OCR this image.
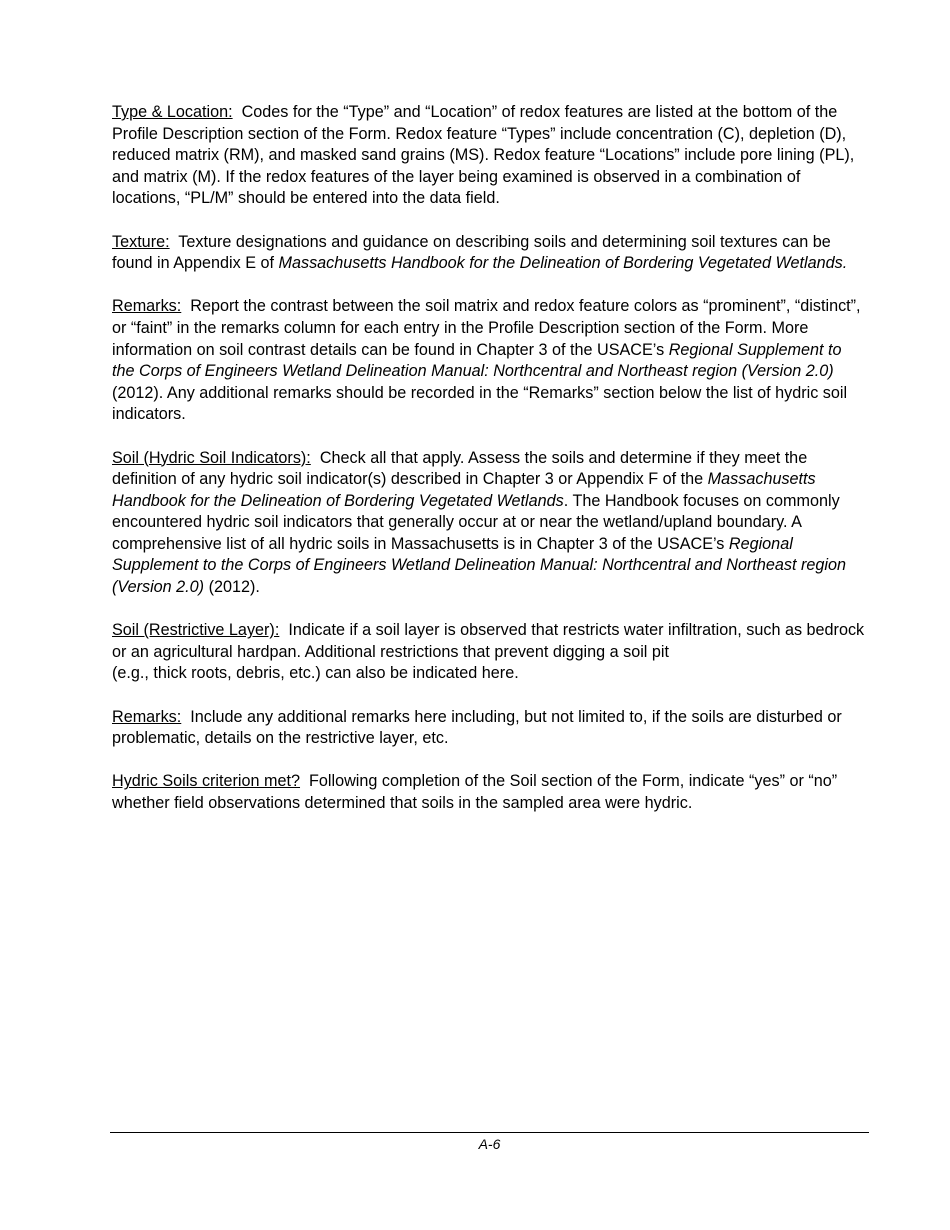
Type & Location: Codes for the “Type” and “Location” of redox features are listed at the bottom of the Profile Description section of the Form. Redox feature “Types” include concentration (C), depletion (D), reduced matrix (RM), and masked sand grains (MS). Redox feature “Locations” include pore lining (PL), and matrix (M). If the redox features of the layer being examined is observed in a combination of locations, “PL/M” should be entered into the data field.

Texture: Texture designations and guidance on describing soils and determining soil textures can be found in Appendix E of Massachusetts Handbook for the Delineation of Bordering Vegetated Wetlands.

Remarks: Report the contrast between the soil matrix and redox feature colors as “prominent”, “distinct”, or “faint” in the remarks column for each entry in the Profile Description section of the Form. More information on soil contrast details can be found in Chapter 3 of the USACE’s Regional Supplement to the Corps of Engineers Wetland Delineation Manual: Northcentral and Northeast region (Version 2.0) (2012). Any additional remarks should be recorded in the “Remarks” section below the list of hydric soil indicators.

Soil (Hydric Soil Indicators): Check all that apply. Assess the soils and determine if they meet the definition of any hydric soil indicator(s) described in Chapter 3 or Appendix F of the Massachusetts Handbook for the Delineation of Bordering Vegetated Wetlands. The Handbook focuses on commonly encountered hydric soil indicators that generally occur at or near the wetland/upland boundary. A comprehensive list of all hydric soils in Massachusetts is in Chapter 3 of the USACE’s Regional Supplement to the Corps of Engineers Wetland Delineation Manual: Northcentral and Northeast region (Version 2.0) (2012).

Soil (Restrictive Layer): Indicate if a soil layer is observed that restricts water infiltration, such as bedrock or an agricultural hardpan. Additional restrictions that prevent digging a soil pit
(e.g., thick roots, debris, etc.) can also be indicated here.

Remarks: Include any additional remarks here including, but not limited to, if the soils are disturbed or problematic, details on the restrictive layer, etc.

Hydric Soils criterion met? Following completion of the Soil section of the Form, indicate “yes” or “no” whether field observations determined that soils in the sampled area were hydric.

A-6
